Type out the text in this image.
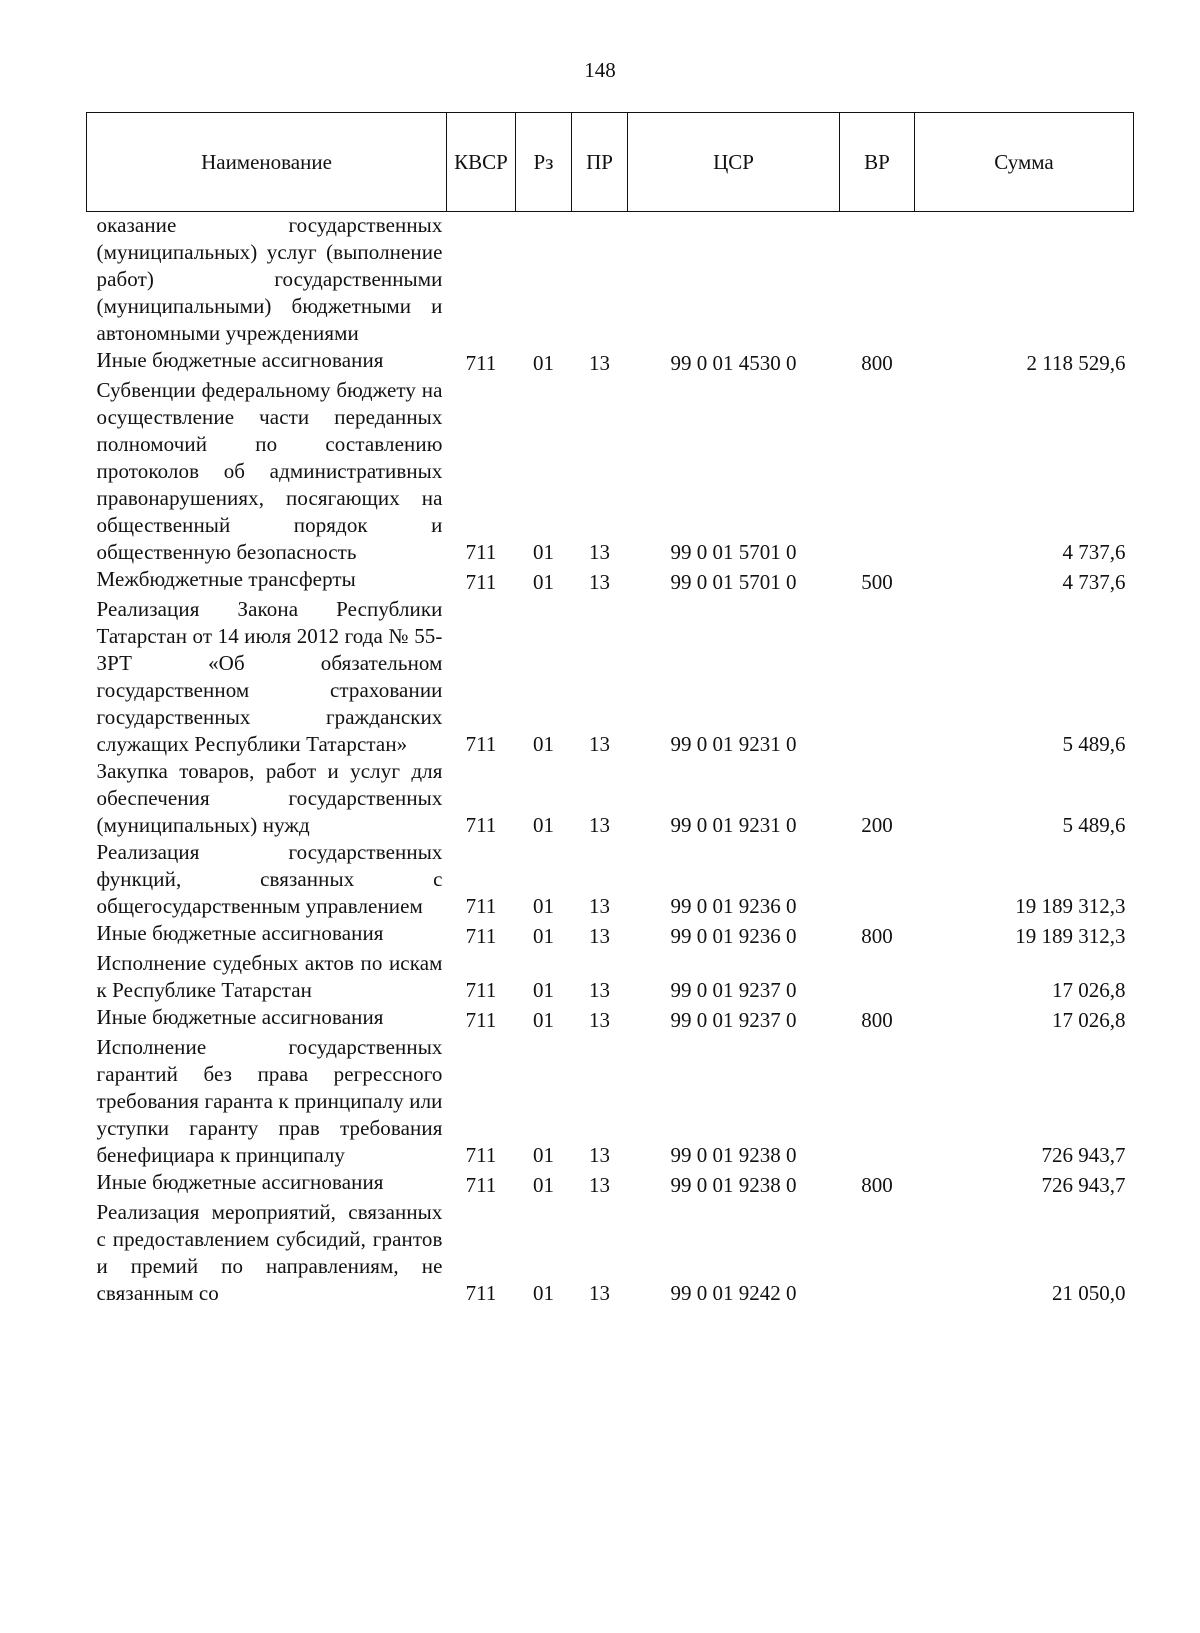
148
Наименование	КВСР	Рз	ПР	ЦСР	ВР	Сумма
оказание государственных (муниципальных) услуг (выполнение работ) государственными (муниципальными) бюджетными и автономными учреждениями						
Иные бюджетные ассигнования	711	01	13	99 0 01 4530 0	800	2 118 529,6
Субвенции федеральному бюджету на осуществление части переданных полномочий по составлению протоколов об административных правонарушениях, посягающих на общественный порядок и общественную безопасность	711	01	13	99 0 01 5701 0		4 737,6
Межбюджетные трансферты	711	01	13	99 0 01 5701 0	500	4 737,6
Реализация Закона Республики Татарстан от 14 июля 2012 года № 55-ЗРТ «Об обязательном государственном страховании государственных гражданских служащих Республики Татарстан»	711	01	13	99 0 01 9231 0		5 489,6
Закупка товаров, работ и услуг для обеспечения государственных (муниципальных) нужд	711	01	13	99 0 01 9231 0	200	5 489,6
Реализация государственных функций, связанных с общегосударственным управлением	711	01	13	99 0 01 9236 0		19 189 312,3
Иные бюджетные ассигнования	711	01	13	99 0 01 9236 0	800	19 189 312,3
Исполнение судебных актов по искам к Республике Татарстан	711	01	13	99 0 01 9237 0		17 026,8
Иные бюджетные ассигнования	711	01	13	99 0 01 9237 0	800	17 026,8
Исполнение государственных гарантий без права регрессного требования гаранта к принципалу или уступки гаранту прав требования бенефициара к принципалу	711	01	13	99 0 01 9238 0		726 943,7
Иные бюджетные ассигнования	711	01	13	99 0 01 9238 0	800	726 943,7
Реализация мероприятий, связанных с предоставлением субсидий, грантов и премий по направлениям, не связанным со	711	01	13	99 0 01 9242 0		21 050,0
